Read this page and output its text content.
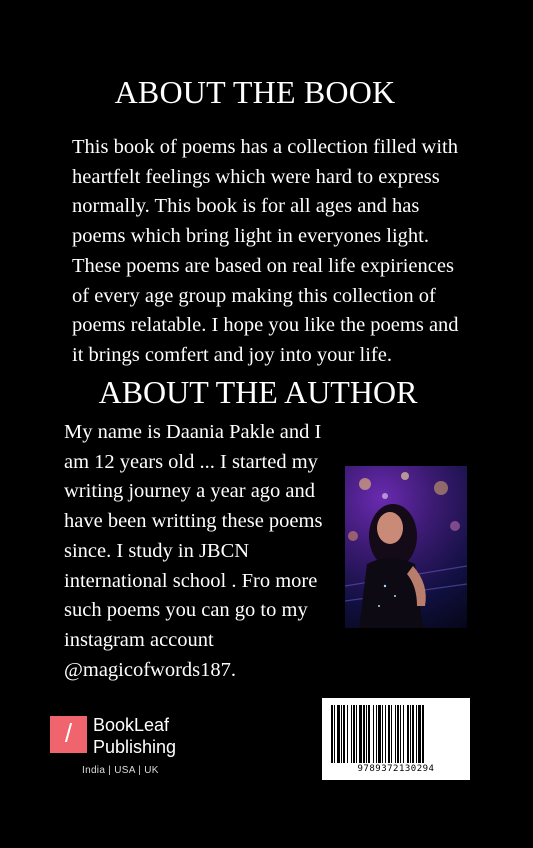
ABOUT THE BOOK

This book of poems has a collection filled with
heartfelt feelings which were hard to express
normally. This book is for all ages and has
poems which bring light in everyones light.
These poems are based on real life expiriences
of every age group making this collection of
poems relatable. I hope you like the poems and
it brings comfert and joy into your life.

ABOUT THE AUTHOR

My name is Daania Pakle and I
am 12 years old ... I started my
writing journey a year ago and
have been writting these poems
since. I study in JBCN
international school . Fro more
such poems you can go to my
instagram account
@magicofwords187.

/	BookLeaf
Publishing
India | USA | UK	9789372130294
